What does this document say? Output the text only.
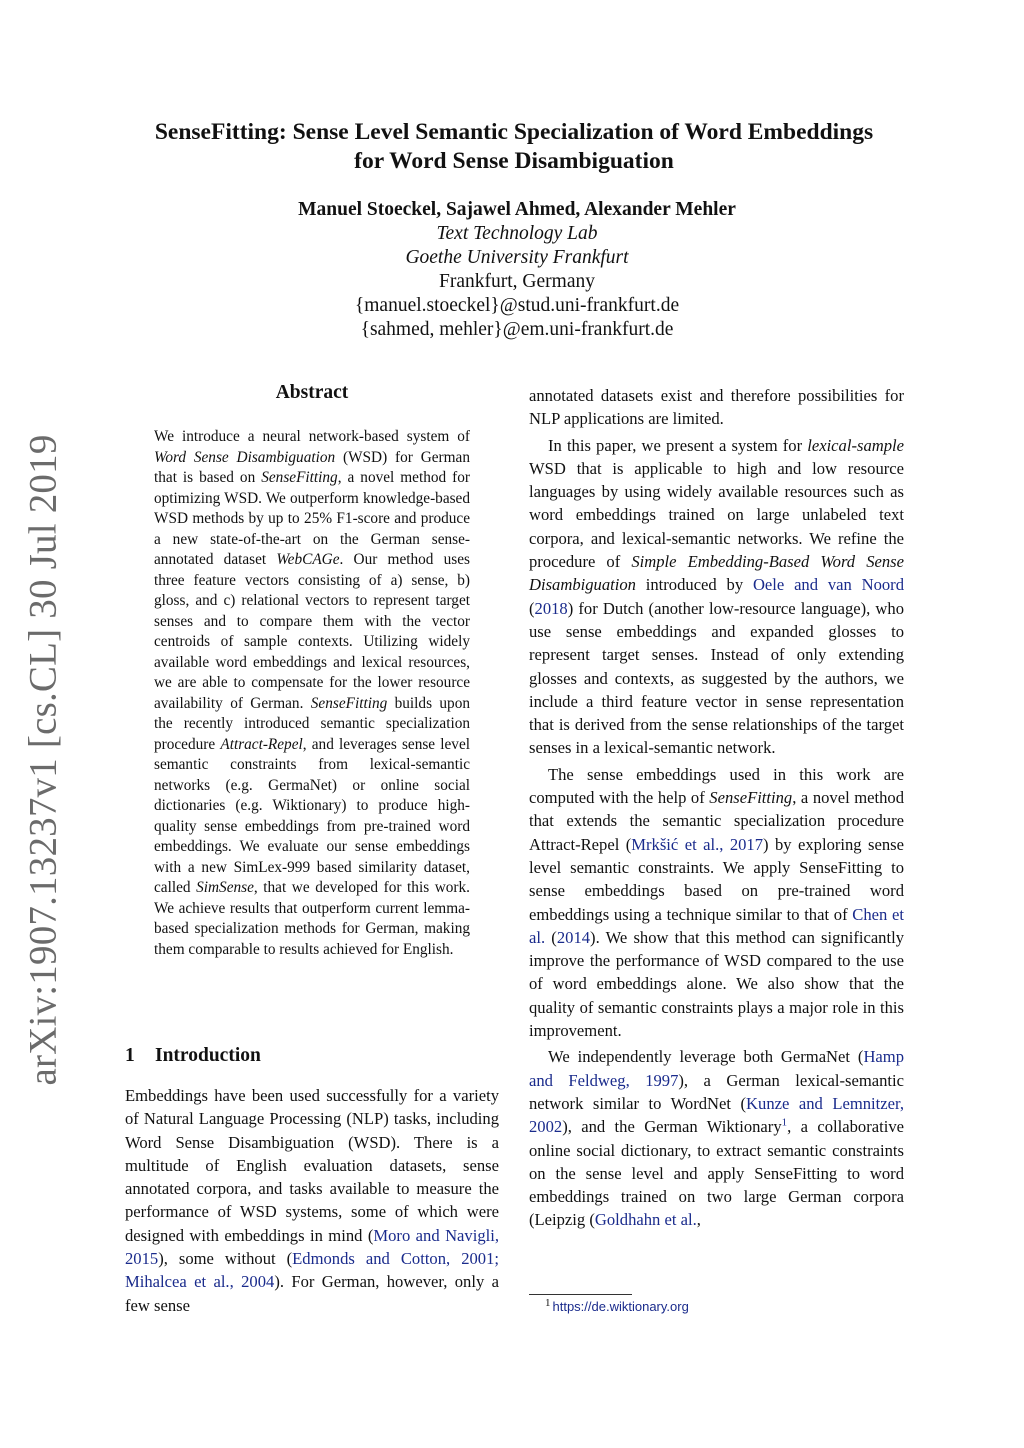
arXiv:1907.13237v1 [cs.CL] 30 Jul 2019
SenseFitting: Sense Level Semantic Specialization of Word Embeddings
for Word Sense Disambiguation
Manuel Stoeckel, Sajawel Ahmed, Alexander Mehler
Text Technology Lab
Goethe University Frankfurt
Frankfurt, Germany
{manuel.stoeckel}@stud.uni-frankfurt.de
{sahmed, mehler}@em.uni-frankfurt.de
Abstract
We introduce a neural network-based system of Word Sense Disambiguation (WSD) for German that is based on SenseFitting, a novel method for optimizing WSD. We outperform knowledge-based WSD methods by up to 25% F1-score and produce a new state-of-the-art on the German sense-annotated dataset WebCAGe. Our method uses three feature vectors consisting of a) sense, b) gloss, and c) relational vectors to represent target senses and to compare them with the vector centroids of sample contexts. Utilizing widely available word embeddings and lexical resources, we are able to compensate for the lower resource availability of German. SenseFitting builds upon the recently introduced semantic specialization procedure Attract-Repel, and leverages sense level semantic constraints from lexical-semantic networks (e.g. GermaNet) or online social dictionaries (e.g. Wiktionary) to produce high-quality sense embeddings from pre-trained word embeddings. We evaluate our sense embeddings with a new SimLex-999 based similarity dataset, called SimSense, that we developed for this work. We achieve results that outperform current lemma-based specialization methods for German, making them comparable to results achieved for English.
1 Introduction

Embeddings have been used successfully for a variety of Natural Language Processing (NLP) tasks, including Word Sense Disambiguation (WSD). There is a multitude of English evaluation datasets, sense annotated corpora, and tasks available to measure the performance of WSD systems, some of which were designed with embeddings in mind (Moro and Navigli, 2015), some without (Edmonds and Cotton, 2001; Mihalcea et al., 2004). For German, however, only a few sense

annotated datasets exist and therefore possibilities for NLP applications are limited.

In this paper, we present a system for lexical-sample WSD that is applicable to high and low resource languages by using widely available resources such as word embeddings trained on large unlabeled text corpora, and lexical-semantic networks. We refine the procedure of Simple Embedding-Based Word Sense Disambiguation introduced by Oele and van Noord (2018) for Dutch (another low-resource language), who use sense embeddings and expanded glosses to represent target senses. Instead of only extending glosses and contexts, as suggested by the authors, we include a third feature vector in sense representation that is derived from the sense relationships of the target senses in a lexical-semantic network.

The sense embeddings used in this work are computed with the help of SenseFitting, a novel method that extends the semantic specialization procedure Attract-Repel (Mrkšić et al., 2017) by exploring sense level semantic constraints. We apply SenseFitting to sense embeddings based on pre-trained word embeddings using a technique similar to that of Chen et al. (2014). We show that this method can significantly improve the performance of WSD compared to the use of word embeddings alone. We also show that the quality of semantic constraints plays a major role in this improvement.

We independently leverage both GermaNet (Hamp and Feldweg, 1997), a German lexical-semantic network similar to WordNet (Kunze and Lemnitzer, 2002), and the German Wiktionary$^1$, a collaborative online social dictionary, to extract semantic constraints on the sense level and apply SenseFitting to word embeddings trained on two large German corpora (Leipzig (Goldhahn et al.,

$^1$ https://de.wiktionary.org
